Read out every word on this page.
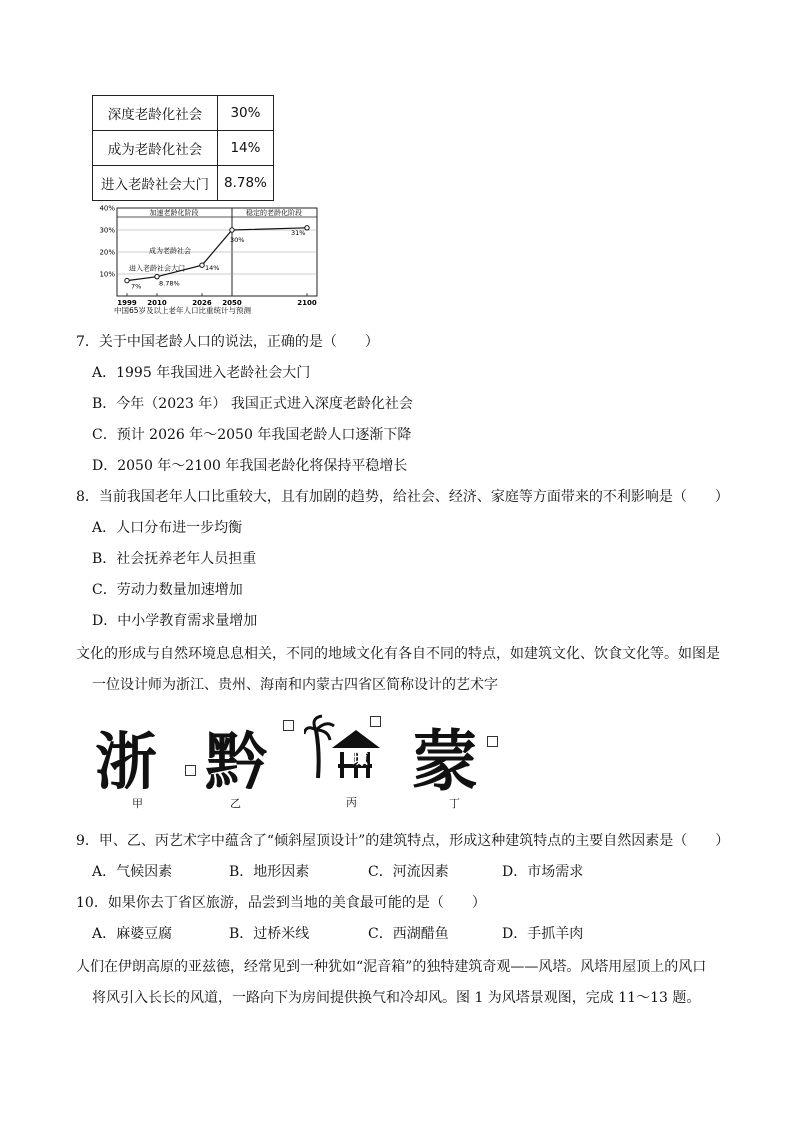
深度老龄化社会	30%
成为老龄化社会	14%
进入老龄社会大门	8.78%
加速老龄化阶段	稳定的老龄化阶段
中国65岁及以上老年人口比重统计与预测
10%
20%
30%
40%
1999 2010	2026 2050	2100
7%	8.78%
14%
30%
31%
进入老龄社会大门
成为老龄社会
7．关于中国老龄人口的说法，正确的是（　　）
A．1995 年我国进入老龄社会大门
B．今年（2023 年） 我国正式进入深度老龄化社会
C．预计 2026 年～2050 年我国老龄人口逐渐下降
D．2050 年～2100 年我国老龄化将保持平稳增长
8．当前我国老年人口比重较大，且有加剧的趋势，给社会、经济、家庭等方面带来的不利影响是（　　）
A．人口分布进一步均衡
B．社会抚养老年人员担重
C．劳动力数量加速增加
D．中小学教育需求量增加
文化的形成与自然环境息息相关，不同的地域文化有各自不同的特点，如建筑文化、饮食文化等。如图是
一位设计师为浙江、贵州、海南和内蒙古四省区简称设计的艺术字
浙 黔	琼 蒙
甲	乙	丙	丁
9．甲、乙、丙艺术字中蕴含了“倾斜屋顶设计”的建筑特点，形成这种建筑特点的主要自然因素是（　　）
A．气候因素	B．地形因素	C．河流因素	D．市场需求
10．如果你去丁省区旅游，品尝到当地的美食最可能的是（　　）
A．麻婆豆腐	B．过桥米线	C．西湖醋鱼	D．手抓羊肉
人们在伊朗高原的亚兹德，经常见到一种犹如“泥音箱”的独特建筑奇观——风塔。风塔用屋顶上的风口
将风引入长长的风道，一路向下为房间提供换气和冷却风。图 1 为风塔景观图，完成 11～13 题。
